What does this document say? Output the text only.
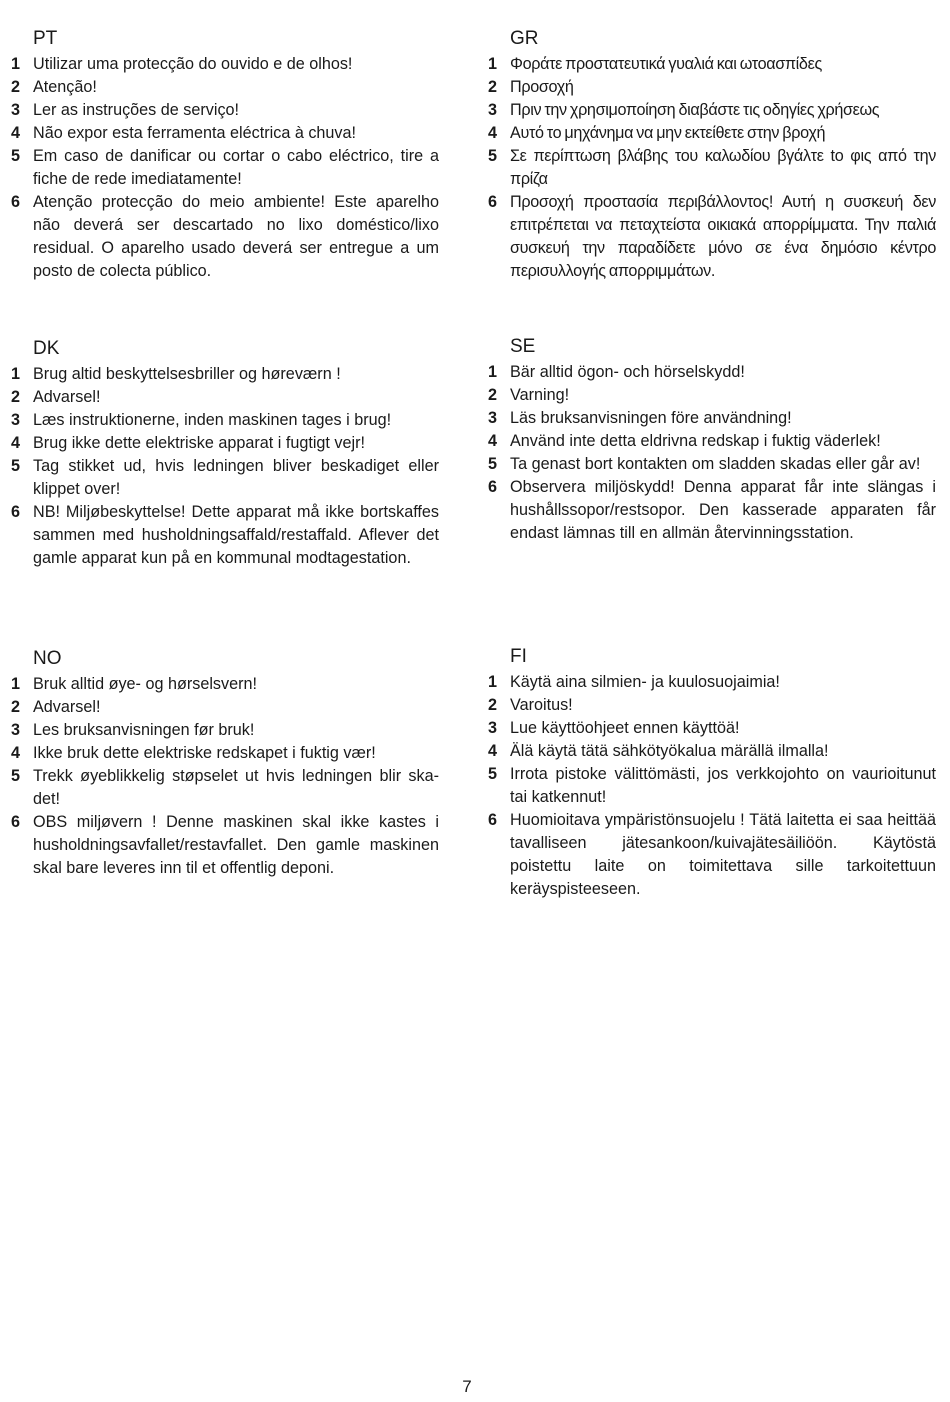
PT
1 Utilizar uma protecção do ouvido e de olhos!
2 Atenção!
3 Ler as instruções de serviço!
4 Não expor esta ferramenta eléctrica à chuva!
5 Em caso de danificar ou cortar o cabo eléctrico, tire a fiche de rede imediatamente!
6 Atenção protecção do meio ambiente! Este aparelho não deverá ser descartado no lixo doméstico/lixo residual. O aparelho usado deverá ser entregue a um posto de colecta público.
GR
1 Φοράτε προστατευτικά γυαλιά και ωτοασπίδες
2 Προσοχή
3 Πριν την χρησιμοποίηση διαβάστε τις οδηγίες χρήσεως
4 Αυτό το μηχάνημα να μην εκτείθετε στην βροχή
5 Σε περίπτωση βλάβης του καλωδίου βγάλτε to φις από την πρίζα
6 Προσοχή προστασία περιβάλλοντος! Αυτή η συσκευή δεν επιτρέπεται να πεταχτείστα οικιακά απορρίμματα. Την παλιά συσκευή την παραδίδετε μόνο σε ένα δημόσιο κέντρο περισυλλογής απορριμμάτων.
DK
1 Brug altid beskyttelsesbriller og høreværn !
2 Advarsel!
3 Læs instruktionerne, inden maskinen tages i brug!
4 Brug ikke dette elektriske apparat i fugtigt vejr!
5 Tag stikket ud, hvis ledningen bliver beskadiget eller klippet over!
6 NB! Miljøbeskyttelse! Dette apparat må ikke bortskaffes sammen med husholdningsaffald/restaffald. Aflever det gamle apparat kun på en kommunal modtagestation.
SE
1 Bär alltid ögon- och hörselskydd!
2 Varning!
3 Läs bruksanvisningen före användning!
4 Använd inte detta eldrivna redskap i fuktig väderlek!
5 Ta genast bort kontakten om sladden skadas eller går av!
6 Observera miljöskydd! Denna apparat får inte slängas i hushållssopor/restsopor. Den kasserade apparaten får endast lämnas till en allmän återvinningsstation.
NO
1 Bruk alltid øye- og hørselsvern!
2 Advarsel!
3 Les bruksanvisningen før bruk!
4 Ikke bruk dette elektriske redskapet i fuktig vær!
5 Trekk øyeblikkelig støpselet ut hvis ledningen blir skadet!
6 OBS miljøvern ! Denne maskinen skal ikke kastes i husholdningsavfallet/restavfallet. Den gamle maskinen skal bare leveres inn til et offentlig deponi.
FI
1 Käytä aina silmien- ja kuulosuojaimia!
2 Varoitus!
3 Lue käyttöohjeet ennen käyttöä!
4 Älä käytä tätä sähkötyökalua märällä ilmalla!
5 Irrota pistoke välittömästi, jos verkkojohto on vaurioitunut tai katkennut!
6 Huomioitava ympäristönsuojelu ! Tätä laitetta ei saa heittää tavalliseen jätesankoon/kuivajätesäiliöön. Käytöstä poistettu laite on toimitettava sille tarkoitettuun keräyspisteeseen.
7
